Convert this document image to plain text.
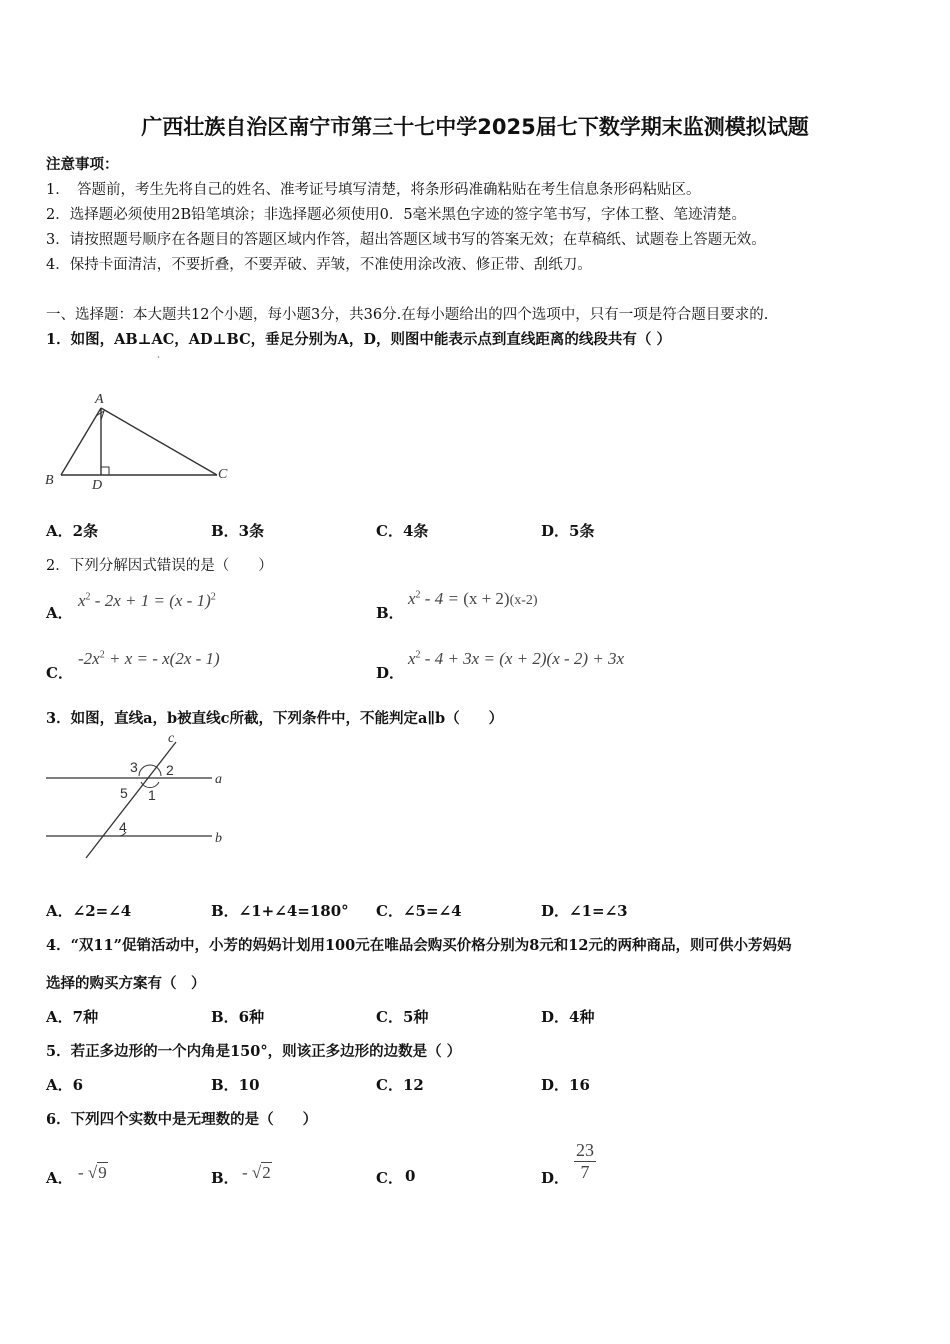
广西壮族自治区南宁市第三十七中学2025届七下数学期末监测模拟试题
注意事项：
1．　答题前，考生先将自己的姓名、准考证号填写清楚，将条形码准确粘贴在考生信息条形码粘贴区。
2．选择题必须使用2B铅笔填涂；非选择题必须使用0．5毫米黑色字迹的签字笔书写，字体工整、笔迹清楚。
3．请按照题号顺序在各题目的答题区域内作答，超出答题区域书写的答案无效；在草稿纸、试题卷上答题无效。
4．保持卡面清洁，不要折叠，不要弄破、弄皱，不准使用涂改液、修正带、刮纸刀。
一、选择题：本大题共12个小题，每小题3分，共36分.在每小题给出的四个选项中，只有一项是符合题目要求的.
1．如图，AB⊥AC，AD⊥BC，垂足分别为A，D，则图中能表示点到直线距离的线段共有（ ）
A
B	C
D
A．2条	B．3条	C．4条	D．5条
2．下列分解因式错误的是（　　）
A．
$x^2 - 2x + 1 = (x - 1)^2$
B．
$x^2 - 4 = (x + 2)(x-2)$
C．
$-2x^2 + x$ = - x(2x - 1)
D．
$x^2 - 4 + 3x = (x + 2)(x - 2) + 3x$
3．如图，直线a，b被直线c所截，下列条件中，不能判定a∥b（　　）
c
a
b
3 2
5 1
4
A．∠2=∠4	B．∠1+∠4=180° C．∠5=∠4	D．∠1=∠3
4．“双11”促销活动中，小芳的妈妈计划用100元在唯品会购买价格分别为8元和12元的两种商品，则可供小芳妈妈
选择的购买方案有（　）
A．7种	B．6种	C．5种	D．4种
5．若正多边形的一个内角是150°，则该正多边形的边数是（ ）
A．6	B．10	C．12	D．16
6．下列四个实数中是无理数的是（　　）
A． - √9	B． - √2	C． 0	D． $\frac{23}{7}$
